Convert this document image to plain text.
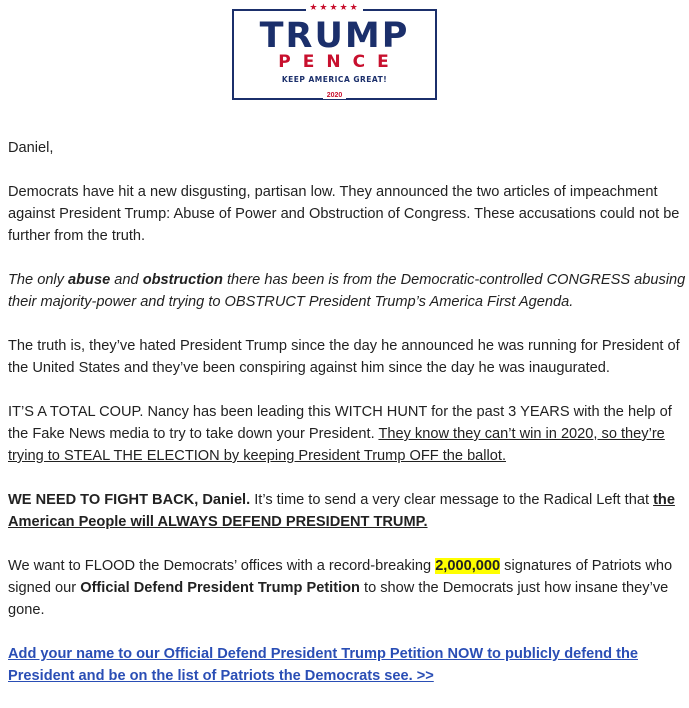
★★★★★
TRUMP
PENCE
KEEP AMERICA GREAT!
2020

Daniel,

Democrats have hit a new disgusting, partisan low. They announced the two articles of impeachment against President Trump: Abuse of Power and Obstruction of Congress. These accusations could not be further from the truth.

The only abuse and obstruction there has been is from the Democratic-controlled CONGRESS abusing their majority-power and trying to OBSTRUCT President Trump’s America First Agenda.

The truth is, they’ve hated President Trump since the day he announced he was running for President of the United States and they’ve been conspiring against him since the day he was inaugurated.

IT’S A TOTAL COUP. Nancy has been leading this WITCH HUNT for the past 3 YEARS with the help of the Fake News media to try to take down your President. They know they can’t win in 2020, so they’re trying to STEAL THE ELECTION by keeping President Trump OFF the ballot.

WE NEED TO FIGHT BACK, Daniel. It’s time to send a very clear message to the Radical Left that the American People will ALWAYS DEFEND PRESIDENT TRUMP.

We want to FLOOD the Democrats’ offices with a record-breaking 2,000,000 signatures of Patriots who signed our Official Defend President Trump Petition to show the Democrats just how insane they’ve gone.

Add your name to our Official Defend President Trump Petition NOW to publicly defend the President and be on the list of Patriots the Democrats see. >>
